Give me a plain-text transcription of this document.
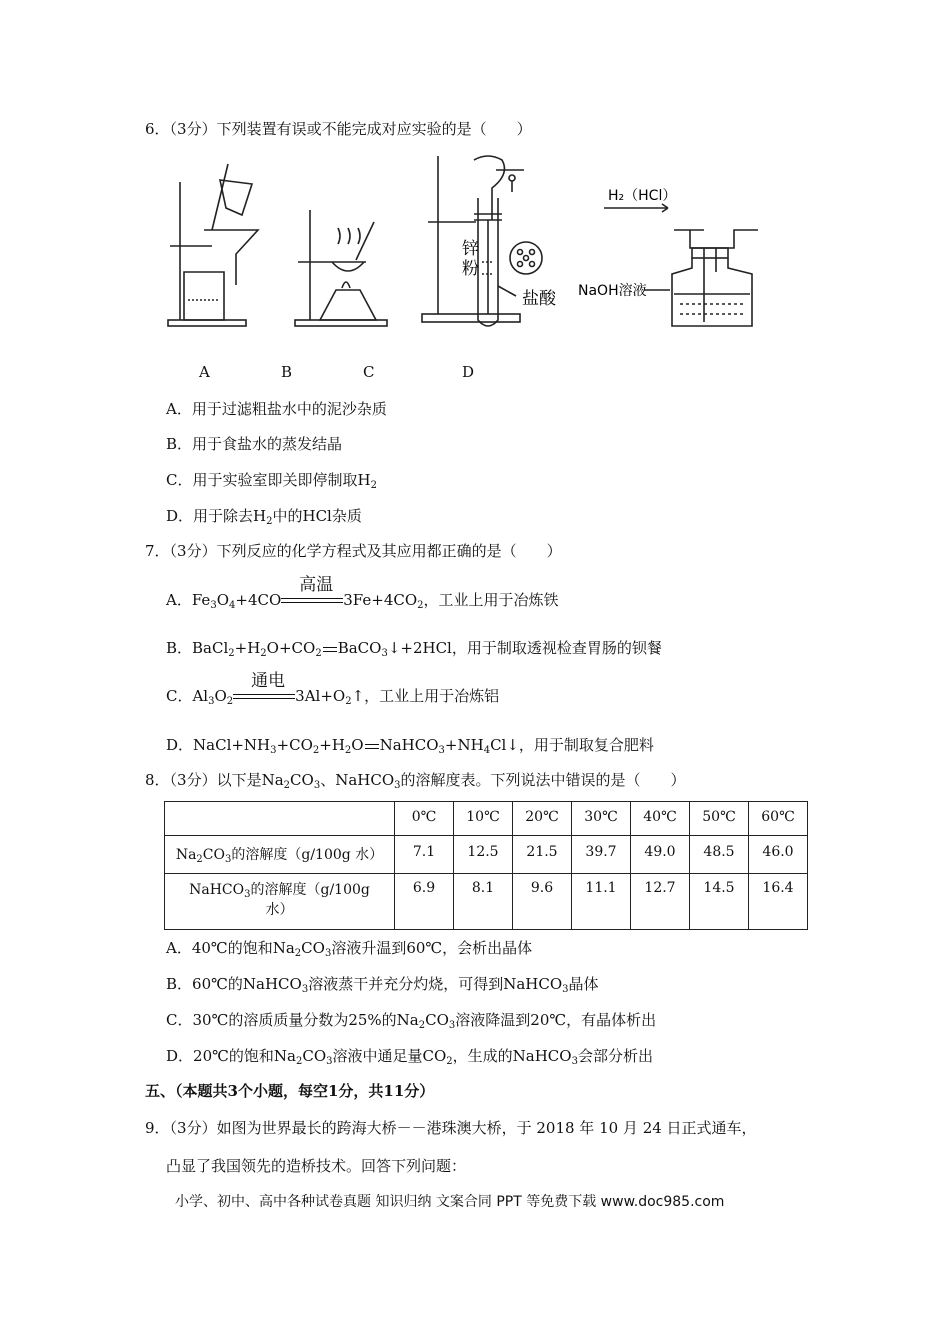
6．（3分）下列装置有误或不能完成对应实验的是（　　）
锌
粉
盐酸
H₂（HCl）
NaOH溶液
A	B	C	D
A．用于过滤粗盐水中的泥沙杂质
B．用于食盐水的蒸发结晶
C．用于实验室即关即停制取$H_2$
D．用于除去$H_2$中的HCl杂质
7．（3分）下列反应的化学方程式及其应用都正确的是（　　）
A．$Fe_3O_4+4CO$
高温
$3Fe+4CO_2$，工业上用于冶炼铁
B．$BaCl_2+H_2O+CO_2$ BaCO$_3$↓+2HCl，用于制取透视检查胃肠的钡餐
C．$Al_3O_2$
通电
$3Al+O_2↑$，工业上用于冶炼铝
D．$NaCl+NH_3+CO_2+H_2O$ $NaHCO_3+NH_4Cl↓$，用于制取复合肥料
8．（3分）以下是$Na_2CO_3$、NaHCO$_3$的溶解度表。下列说法中错误的是（　　）
	0℃	10℃	20℃	30℃	40℃	50℃	60℃
$Na_2CO_3$的溶解度（g/100g 水）	7.1	12.5	21.5	39.7	49.0	48.5	46.0
NaHCO$_3$的溶解度（g/100g
水）	6.9	8.1	9.6	11.1	12.7	14.5	16.4
A．40℃的饱和$Na_2CO_3$溶液升温到60℃，会析出晶体
B．60℃的NaHCO$_3$溶液蒸干并充分灼烧，可得到NaHCO$_3$晶体
C．30℃的溶质质量分数为25%的$Na_2CO_3$溶液降温到20℃，有晶体析出
D．20℃的饱和$Na_2CO_3$溶液中通足量$CO_2$，生成的NaHCO$_3$会部分析出
五、（本题共3个小题，每空1分，共11分）
9．（3分）如图为世界最长的跨海大桥－－港珠澳大桥，于 2018 年 10 月 24 日正式通车，
凸显了我国领先的造桥技术。回答下列问题：
小学、初中、高中各种试卷真题 知识归纳 文案合同 PPT 等免费下载 www.doc985.com
